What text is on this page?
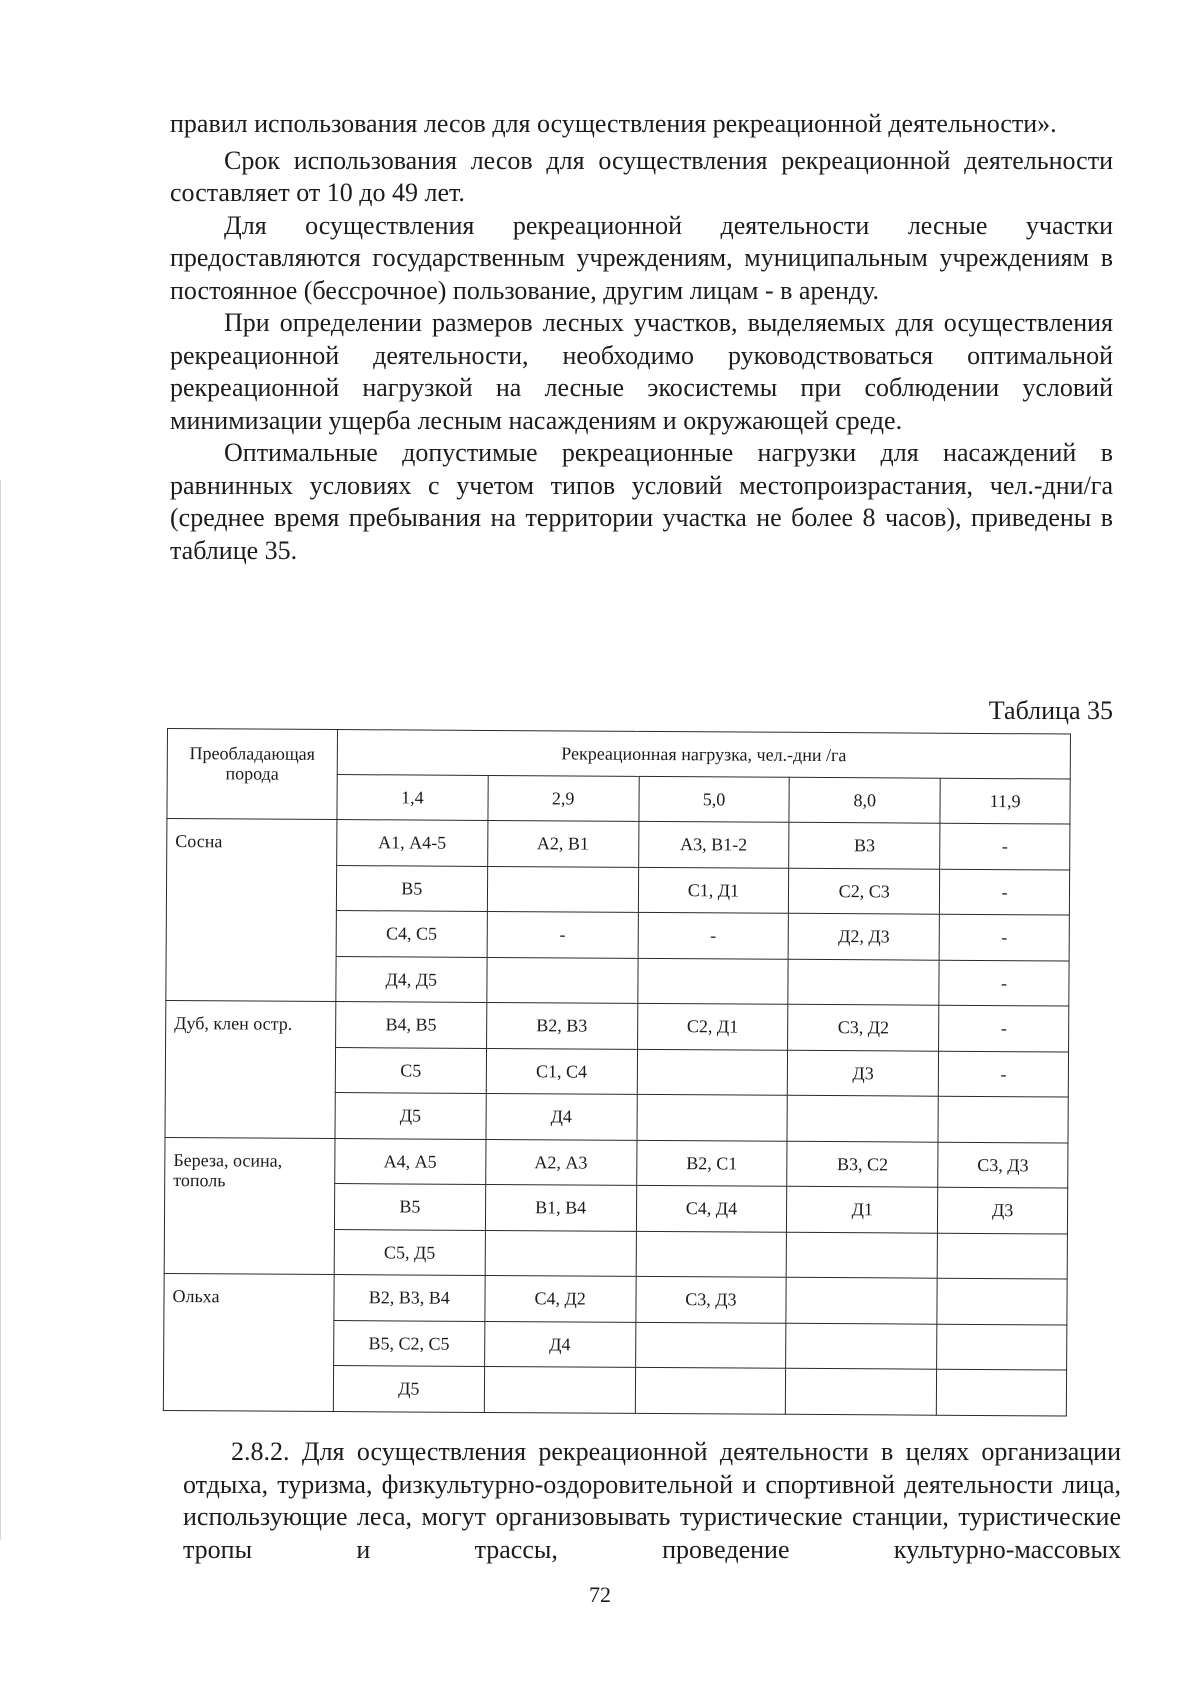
правил использования лесов для осуществления рекреационной деятельности».

Срок использования лесов для осуществления рекреационной деятельности составляет от 10 до 49 лет.

Для осуществления рекреационной деятельности лесные участки предоставляются государственным учреждениям, муниципальным учреждениям в постоянное (бессрочное) пользование, другим лицам - в аренду.

При определении размеров лесных участков, выделяемых для осуществления рекреационной деятельности, необходимо руководствоваться оптимальной рекреационной нагрузкой на лесные экосистемы при соблюдении условий минимизации ущерба лесным насаждениям и окружающей среде.

Оптимальные допустимые рекреационные нагрузки для насаждений в равнинных условиях с учетом типов условий местопроизрастания, чел.-дни/га (среднее время пребывания на территории участка не более 8 часов), приведены в таблице 35.

Таблица 35
Преобладающая порода	Рекреационная нагрузка, чел.-дни /га				
	1,4	2,9	5,0	8,0	11,9
Сосна	А1, А4-5	А2, В1	А3, В1-2	В3	-
	В5		С1, Д1	С2, С3	-
	С4, С5	-	-	Д2, Д3	-
	Д4, Д5				-
Дуб, клен остр.	В4, В5	В2, В3	С2, Д1	С3, Д2	-
	С5	С1, С4		Д3	-
	Д5	Д4			
Береза, осина, тополь	А4, А5	А2, А3	В2, С1	В3, С2	С3, Д3
	В5	В1, В4	С4, Д4	Д1	Д3
	С5, Д5				
Ольха	В2, В3, В4	С4, Д2	С3, Д3		
	В5, С2, С5	Д4			
	Д5				

2.8.2. Для осуществления рекреационной деятельности в целях организации отдыха, туризма, физкультурно-оздоровительной и спортивной деятельности лица, использующие леса, могут организовывать туристические станции, туристические тропы и трассы, проведение культурно-массовых

72
